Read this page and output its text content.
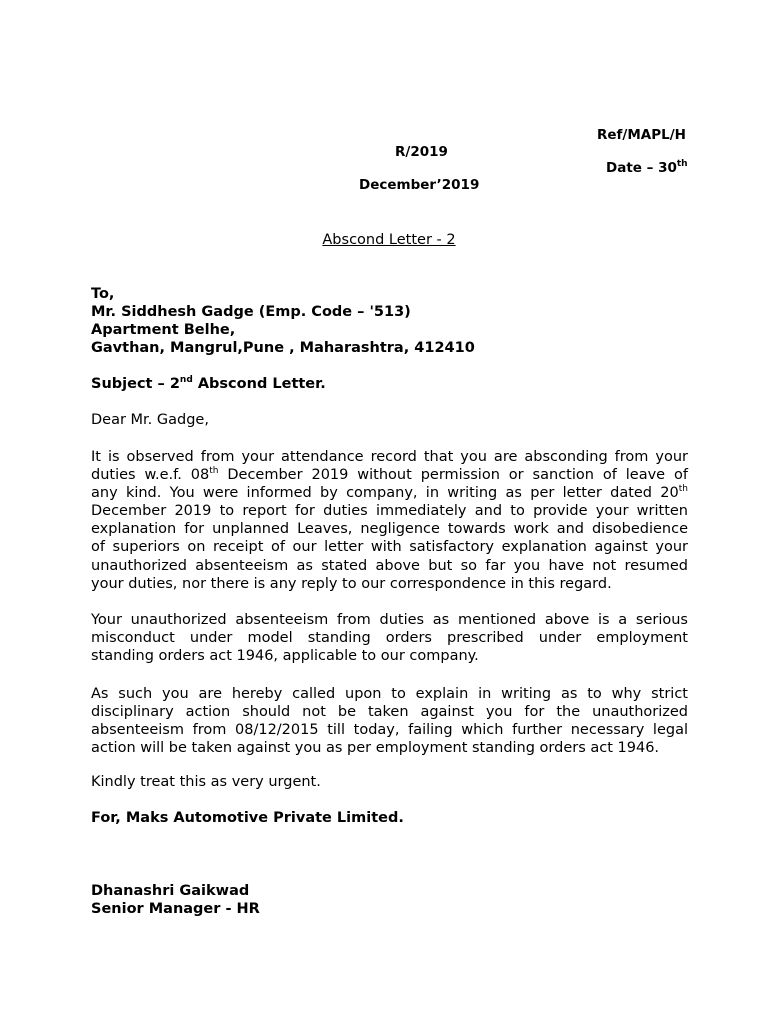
Ref/MAPL/H
R/2019
Date – 30th
December’2019
Abscond Letter - 2
To,
Mr. Siddhesh Gadge (Emp. Code – '513)
Apartment Belhe,
Gavthan, Mangrul,Pune , Maharashtra, 412410
Subject – 2nd Abscond Letter.
Dear Mr. Gadge,
It is observed from your attendance record that you are absconding from your
duties w.e.f. 08th December 2019 without permission or sanction of leave of
any kind. You were informed by company, in writing as per letter dated 20th
December 2019 to report for duties immediately and to provide your written
explanation for unplanned Leaves, negligence towards work and disobedience
of superiors on receipt of our letter with satisfactory explanation against your
unauthorized absenteeism as stated above but so far you have not resumed
your duties, nor there is any reply to our correspondence in this regard.
Your unauthorized absenteeism from duties as mentioned above is a serious
misconduct under model standing orders prescribed under employment
standing orders act 1946, applicable to our company.
As such you are hereby called upon to explain in writing as to why strict
disciplinary action should not be taken against you for the unauthorized
absenteeism from 08/12/2015 till today, failing which further necessary legal
action will be taken against you as per employment standing orders act 1946.
Kindly treat this as very urgent.
For, Maks Automotive Private Limited.
Dhanashri Gaikwad
Senior Manager - HR
